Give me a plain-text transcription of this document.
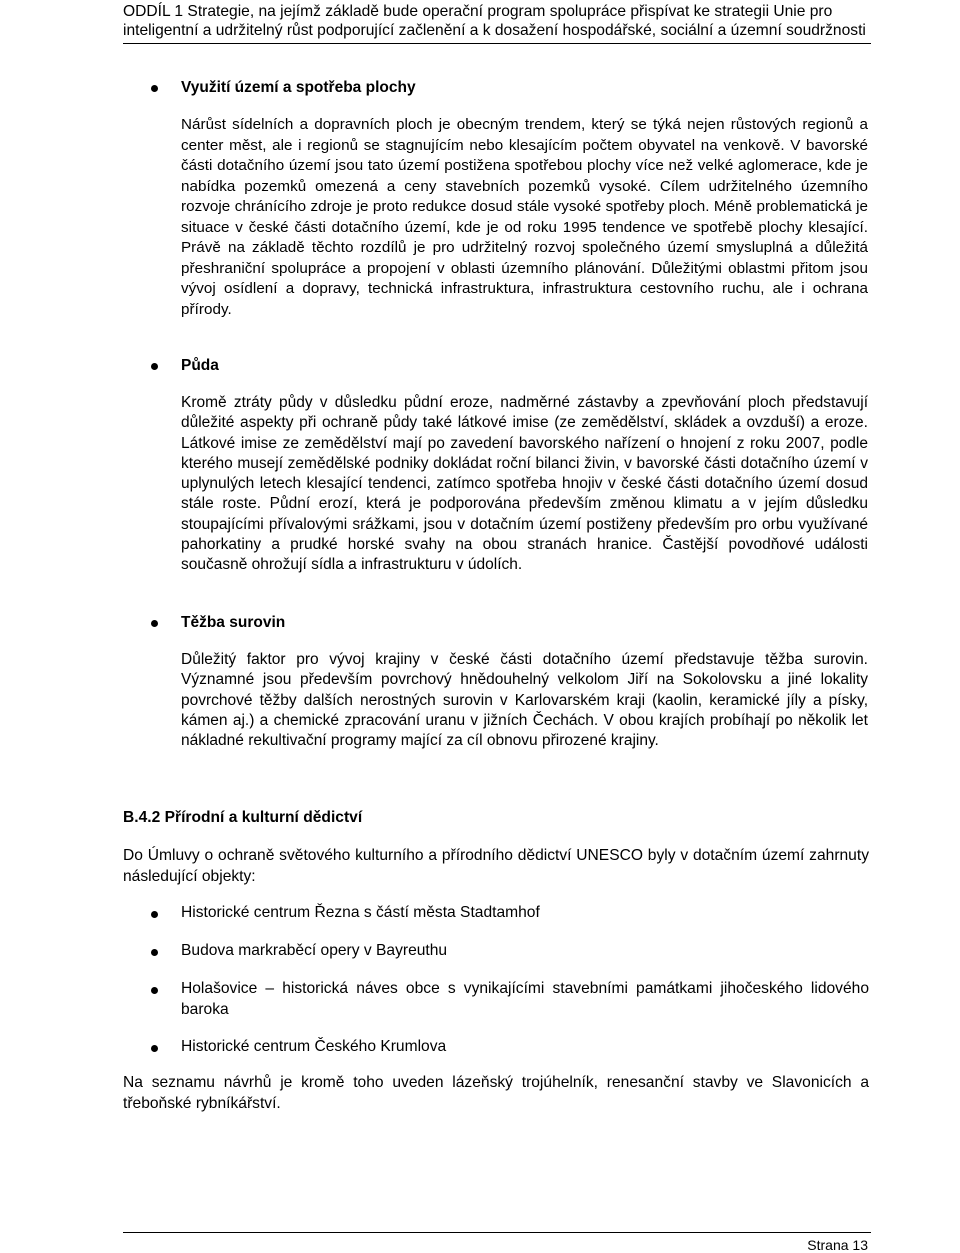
ODDÍL 1 Strategie, na jejímž základě bude operační program spolupráce přispívat ke strategii Unie pro inteligentní a udržitelný růst podporující začlenění a k dosažení hospodářské, sociální a územní soudržnosti
Využití území a spotřeba plochy
Nárůst sídelních a dopravních ploch je obecným trendem, který se týká nejen růstových regionů a center měst, ale i regionů se stagnujícím nebo klesajícím počtem obyvatel na venkově. V bavorské části dotačního území jsou tato území postižena spotřebou plochy více než velké aglomerace, kde je nabídka pozemků omezená a ceny stavebních pozemků vysoké. Cílem udržitelného územního rozvoje chránícího zdroje je proto redukce dosud stále vysoké spotřeby ploch. Méně problematická je situace v české části dotačního území, kde je od roku 1995 tendence ve spotřebě plochy klesající. Právě na základě těchto rozdílů je pro udržitelný rozvoj společného území smysluplná a důležitá přeshraniční spolupráce a propojení v oblasti územního plánování. Důležitými oblastmi přitom jsou vývoj osídlení a dopravy, technická infrastruktura, infrastruktura cestovního ruchu, ale i ochrana přírody.
Půda
Kromě ztráty půdy v důsledku půdní eroze, nadměrné zástavby a zpevňování ploch představují důležité aspekty při ochraně půdy také látkové imise (ze zemědělství, skládek a ovzduší) a eroze. Látkové imise ze zemědělství mají po zavedení bavorského nařízení o hnojení z roku 2007, podle kterého musejí zemědělské podniky dokládat roční bilanci živin, v bavorské části dotačního území v uplynulých letech klesající tendenci, zatímco spotřeba hnojiv v české části dotačního území dosud stále roste. Půdní erozí, která je podporována především změnou klimatu a v jejím důsledku stoupajícími přívalovými srážkami, jsou v dotačním území postiženy především pro orbu využívané pahorkatiny a prudké horské svahy na obou stranách hranice. Častější povodňové události současně ohrožují sídla a infrastrukturu v údolích.
Těžba surovin
Důležitý faktor pro vývoj krajiny v české části dotačního území představuje těžba surovin. Významné jsou především povrchový hnědouhelný velkolom Jiří na Sokolovsku a jiné lokality povrchové těžby dalších nerostných surovin v Karlovarském kraji (kaolin, keramické jíly a písky, kámen aj.) a chemické zpracování uranu v jižních Čechách. V obou krajích probíhají po několik let nákladné rekultivační programy mající za cíl obnovu přirozené krajiny.
B.4.2 Přírodní a kulturní dědictví
Do Úmluvy o ochraně světového kulturního a přírodního dědictví UNESCO byly v dotačním území zahrnuty následující objekty:
Historické centrum Řezna s částí města Stadtamhof
Budova markraběcí opery v Bayreuthu
Holašovice – historická náves obce s vynikajícími stavebními památkami jihočeského lidového baroka
Historické centrum Českého Krumlova
Na seznamu návrhů je kromě toho uveden lázeňský trojúhelník, renesanční stavby ve Slavonicích a třeboňské rybníkářství.
Strana 13
